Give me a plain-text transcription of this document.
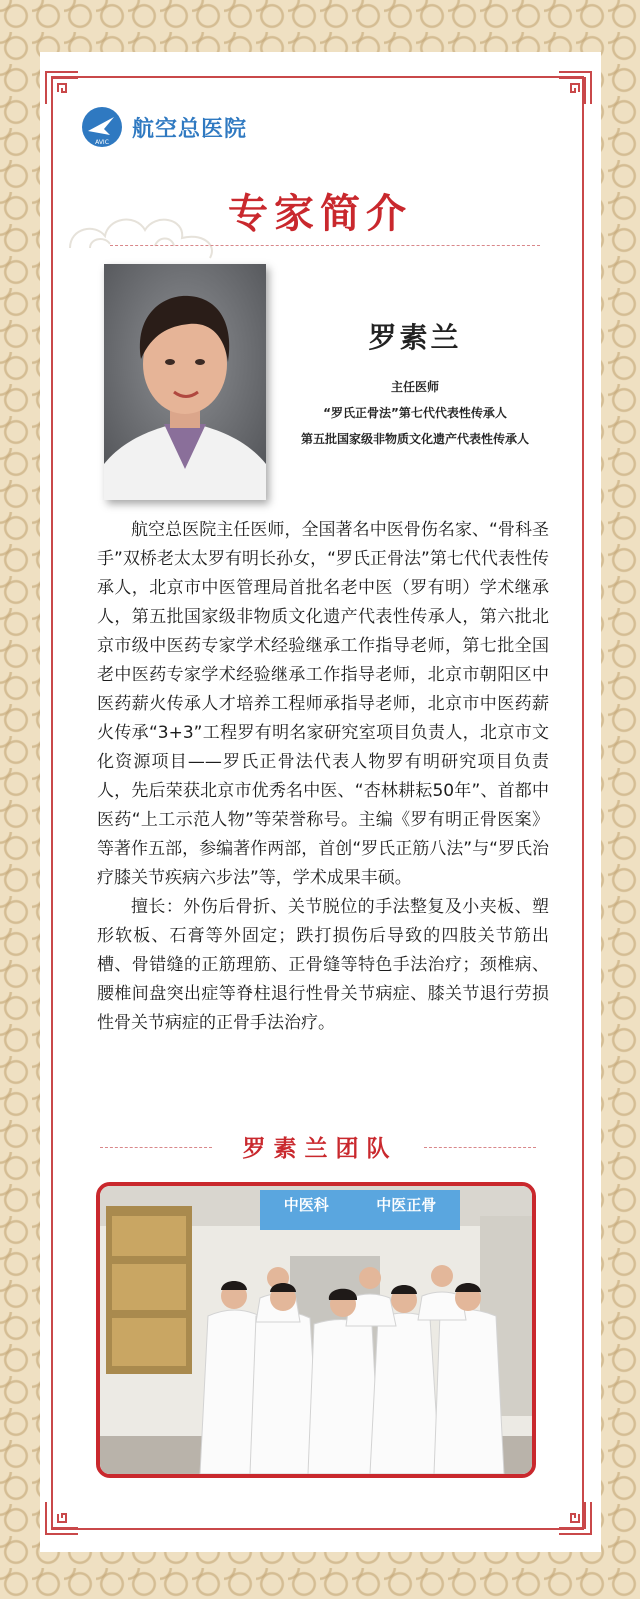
AVIC
航空总医院
专家简介
罗素兰
主任医师
“罗氏正骨法”第七代代表性传承人
第五批国家级非物质文化遗产代表性传承人

航空总医院主任医师，全国著名中医骨伤名家、“骨科圣手”双桥老太太罗有明长孙女，“罗氏正骨法”第七代代表性传承人，北京市中医管理局首批名老中医（罗有明）学术继承人，第五批国家级非物质文化遗产代表性传承人，第六批北京市级中医药专家学术经验继承工作指导老师，第七批全国老中医药专家学术经验继承工作指导老师，北京市朝阳区中医药薪火传承人才培养工程师承指导老师，北京市中医药薪火传承“3+3”工程罗有明名家研究室项目负责人，北京市文化资源项目——罗氏正骨法代表人物罗有明研究项目负责人，先后荣获北京市优秀名中医、“杏林耕耘50年”、首都中医药“上工示范人物”等荣誉称号。主编《罗有明正骨医案》等著作五部，参编著作两部，首创“罗氏正筋八法”与“罗氏治疗膝关节疾病六步法”等，学术成果丰硕。

擅长：外伤后骨折、关节脱位的手法整复及小夹板、塑形软板、石膏等外固定；跌打损伤后导致的四肢关节筋出槽、骨错缝的正筋理筋、正骨缝等特色手法治疗；颈椎病、腰椎间盘突出症等脊柱退行性骨关节病症、膝关节退行劳损性骨关节病症的正骨手法治疗。

罗素兰团队
中医科	中医正骨
